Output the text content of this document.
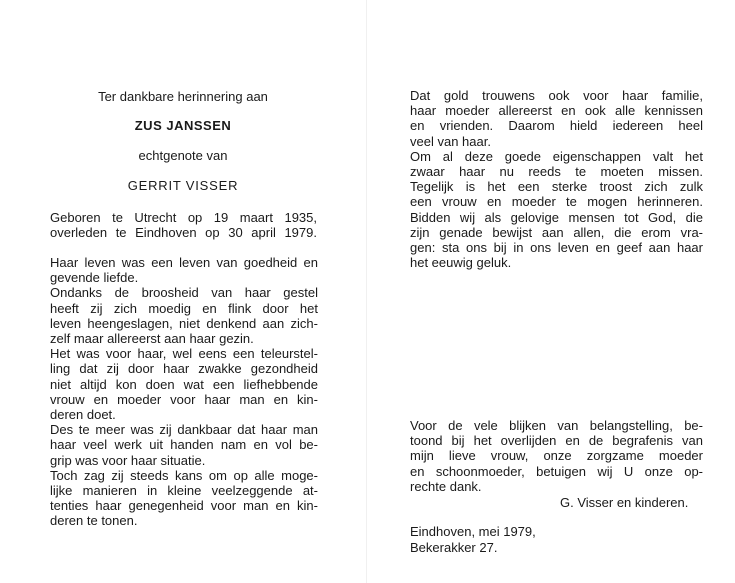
Ter dankbare herinnering aan
ZUS JANSSEN
echtgenote van
GERRIT VISSER
Geboren te Utrecht op 19 maart 1935,
overleden te Eindhoven op 30 april 1979.
Haar leven was een leven van goedheid en
gevende liefde.
Ondanks de broosheid van haar gestel
heeft zij zich moedig en flink door het
leven heengeslagen, niet denkend aan zich-
zelf maar allereerst aan haar gezin.
Het was voor haar, wel eens een teleurstel-
ling dat zij door haar zwakke gezondheid
niet altijd kon doen wat een liefhebbende
vrouw en moeder voor haar man en kin-
deren doet.
Des te meer was zij dankbaar dat haar man
haar veel werk uit handen nam en vol be-
grip was voor haar situatie.
Toch zag zij steeds kans om op alle moge-
lijke manieren in kleine veelzeggende at-
tenties haar genegenheid voor man en kin-
deren te tonen.
Dat gold trouwens ook voor haar familie,
haar moeder allereerst en ook alle kennissen
en vrienden. Daarom hield iedereen heel
veel van haar.
Om al deze goede eigenschappen valt het
zwaar haar nu reeds te moeten missen.
Tegelijk is het een sterke troost zich zulk
een vrouw en moeder te mogen herinneren.
Bidden wij als gelovige mensen tot God, die
zijn genade bewijst aan allen, die erom vra-
gen: sta ons bij in ons leven en geef aan haar
het eeuwig geluk.
Voor de vele blijken van belangstelling, be-
toond bij het overlijden en de begrafenis van
mijn lieve vrouw, onze zorgzame moeder
en schoonmoeder, betuigen wij U onze op-
rechte dank.
G. Visser en kinderen.
Eindhoven, mei 1979,
Bekerakker 27.
